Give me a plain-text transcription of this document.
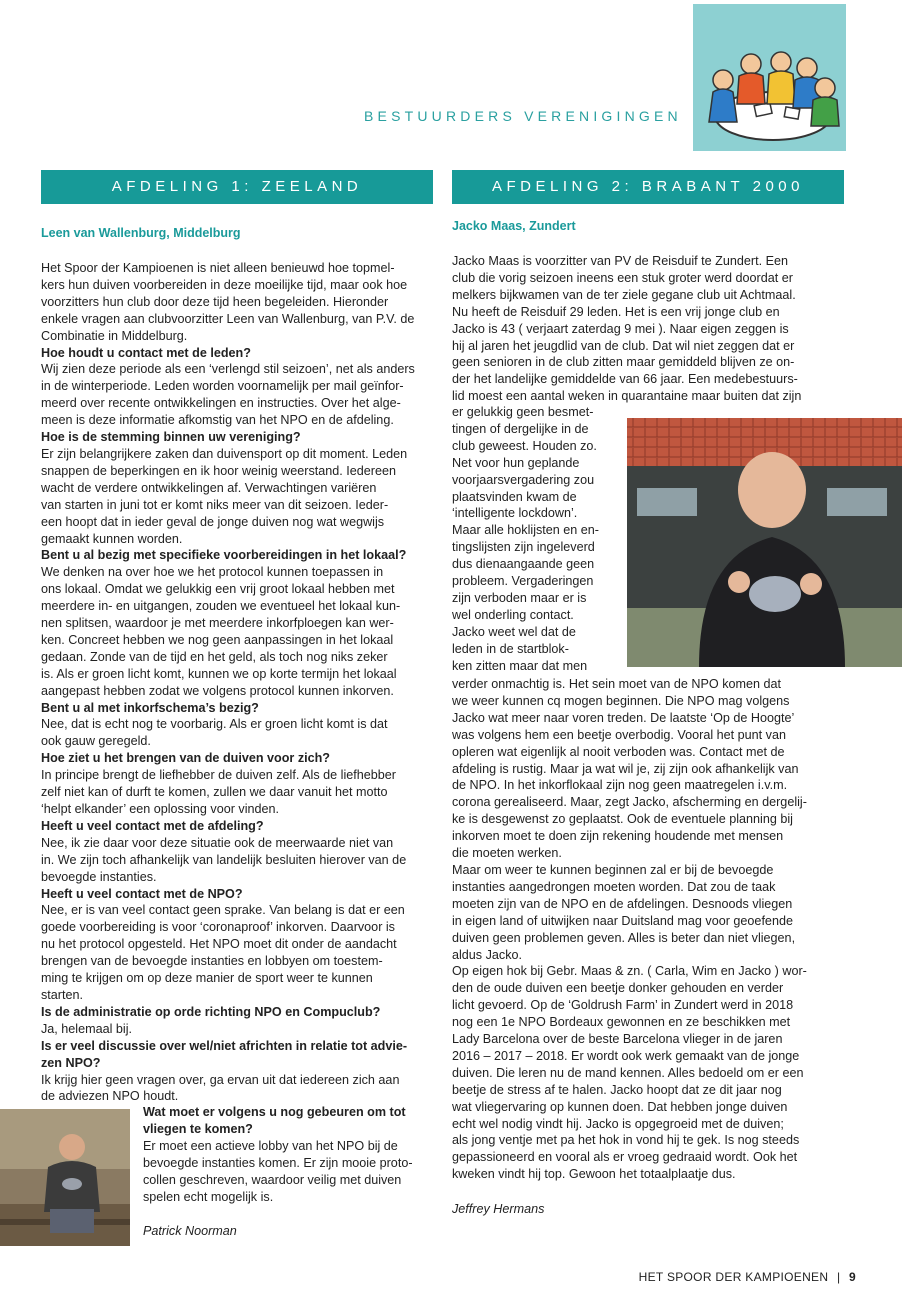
BESTUURDERS VERENIGINGEN
AFDELING 1: ZEELAND	AFDELING 2: BRABANT 2000
Leen van Wallenburg, Middelburg

Het Spoor der Kampioenen is niet alleen benieuwd hoe topmel-

kers hun duiven voorbereiden in deze moeilijke tijd, maar ook hoe

voorzitters hun club door deze tijd heen begeleiden. Hieronder

enkele vragen aan clubvoorzitter Leen van Wallenburg, van P.V. de

Combinatie in Middelburg.

Hoe houdt u contact met de leden?

Wij zien deze periode als een ‘verlengd stil seizoen’, net als anders

in de winterperiode. Leden worden voornamelijk per mail geïnfor-

meerd over recente ontwikkelingen en instructies. Over het alge-

meen is deze informatie afkomstig van het NPO en de afdeling.

Hoe is de stemming binnen uw vereniging?

Er zijn belangrijkere zaken dan duivensport op dit moment. Leden

snappen de beperkingen en ik hoor weinig weerstand. Iedereen

wacht de verdere ontwikkelingen af. Verwachtingen variëren

van starten in juni tot er komt niks meer van dit seizoen. Ieder-

een hoopt dat in ieder geval de jonge duiven nog wat wegwijs

gemaakt kunnen worden.

Bent u al bezig met specifieke voorbereidingen in het lokaal?

We denken na over hoe we het protocol kunnen toepassen in

ons lokaal. Omdat we gelukkig een vrij groot lokaal hebben met

meerdere in- en uitgangen, zouden we eventueel het lokaal kun-

nen splitsen, waardoor je met meerdere inkorfploegen kan wer-

ken. Concreet hebben we nog geen aanpassingen in het lokaal

gedaan. Zonde van de tijd en het geld, als toch nog niks zeker

is. Als er groen licht komt, kunnen we op korte termijn het lokaal

aangepast hebben zodat we volgens protocol kunnen inkorven.

Bent u al met inkorfschema’s bezig?

Nee, dat is echt nog te voorbarig. Als er groen licht komt is dat

ook gauw geregeld.

Hoe ziet u het brengen van de duiven voor zich?

In principe brengt de liefhebber de duiven zelf. Als de liefhebber

zelf niet kan of durft te komen, zullen we daar vanuit het motto

‘helpt elkander’ een oplossing voor vinden.

Heeft u veel contact met de afdeling?

Nee, ik zie daar voor deze situatie ook de meerwaarde niet van

in. We zijn toch afhankelijk van landelijk besluiten hierover van de

bevoegde instanties.

Heeft u veel contact met de NPO?

Nee, er is van veel contact geen sprake. Van belang is dat er een

goede voorbereiding is voor ‘coronaproof’ inkorven. Daarvoor is

nu het protocol opgesteld. Het NPO moet dit onder de aandacht

brengen van de bevoegde instanties en lobbyen om toestem-

ming te krijgen om op deze manier de sport weer te kunnen

starten.

Is de administratie op orde richting NPO en Compuclub?

Ja, helemaal bij.

Is er veel discussie over wel/niet africhten in relatie tot advie-

zen NPO?

Ik krijg hier geen vragen over, ga ervan uit dat iedereen zich aan

de adviezen NPO houdt.

Wat moet er volgens u nog gebeuren om tot

vliegen te komen?

Er moet een actieve lobby van het NPO bij de

bevoegde instanties komen. Er zijn mooie proto-

collen geschreven, waardoor veilig met duiven

spelen echt mogelijk is.

Patrick Noorman
Jacko Maas, Zundert

Jacko Maas is voorzitter van PV de Reisduif te Zundert. Een

club die vorig seizoen ineens een stuk groter werd doordat er

melkers bijkwamen van de ter ziele gegane club uit Achtmaal.

Nu heeft de Reisduif 29 leden. Het is een vrij jonge club en

Jacko is 43 ( verjaart zaterdag 9 mei ). Naar eigen zeggen is

hij al jaren het jeugdlid van de club. Dat wil niet zeggen dat er

geen senioren in de club zitten maar gemiddeld blijven ze on-

der het landelijke gemiddelde van 66 jaar. Een medebestuurs-

lid moest een aantal weken in quarantaine maar buiten dat zijn

er gelukkig geen besmet-

tingen of dergelijke in de

club geweest. Houden zo.

Net voor hun geplande

voorjaarsvergadering zou

plaatsvinden kwam de

‘intelligente lockdown’.

Maar alle hoklijsten en en-

tingslijsten zijn ingeleverd

dus dienaangaande geen

probleem. Vergaderingen

zijn verboden maar er is

wel onderling contact.

Jacko weet wel dat de

leden in de startblok-

ken zitten maar dat men

verder onmachtig is. Het sein moet van de NPO komen dat

we weer kunnen cq mogen beginnen. Die NPO mag volgens

Jacko wat meer naar voren treden. De laatste ‘Op de Hoogte’

was volgens hem een beetje overbodig. Vooral het punt van

opleren wat eigenlijk al nooit verboden was. Contact met de

afdeling is rustig. Maar ja wat wil je, zij zijn ook afhankelijk van

de NPO. In het inkorflokaal zijn nog geen maatregelen i.v.m.

corona gerealiseerd. Maar, zegt Jacko, afscherming en dergelij-

ke is desgewenst zo geplaatst. Ook de eventuele planning bij

inkorven moet te doen zijn rekening houdende met mensen

die moeten werken.

Maar om weer te kunnen beginnen zal er bij de bevoegde

instanties aangedrongen moeten worden. Dat zou de taak

moeten zijn van de NPO en de afdelingen. Desnoods vliegen

in eigen land of uitwijken naar Duitsland mag voor geoefende

duiven geen problemen geven. Alles is beter dan niet vliegen,

aldus Jacko.

Op eigen hok bij Gebr. Maas & zn. ( Carla, Wim en Jacko ) wor-

den de oude duiven een beetje donker gehouden en verder

licht gevoerd. Op de ‘Goldrush Farm’ in Zundert werd in 2018

nog een 1e NPO Bordeaux gewonnen en ze beschikken met

Lady Barcelona over de beste Barcelona vlieger in de jaren

2016 – 2017 – 2018. Er wordt ook werk gemaakt van de jonge

duiven. Die leren nu de mand kennen. Alles bedoeld om er een

beetje de stress af te halen. Jacko hoopt dat ze dit jaar nog

wat vliegervaring op kunnen doen. Dat hebben jonge duiven

echt wel nodig vindt hij. Jacko is opgegroeid met de duiven;

als jong ventje met pa het hok in vond hij te gek. Is nog steeds

gepassioneerd en vooral als er vroeg gedraaid wordt. Ook het

kweken vindt hij top. Gewoon het totaalplaatje dus.

Jeffrey Hermans
HET SPOOR DER KAMPIOENEN | 9
